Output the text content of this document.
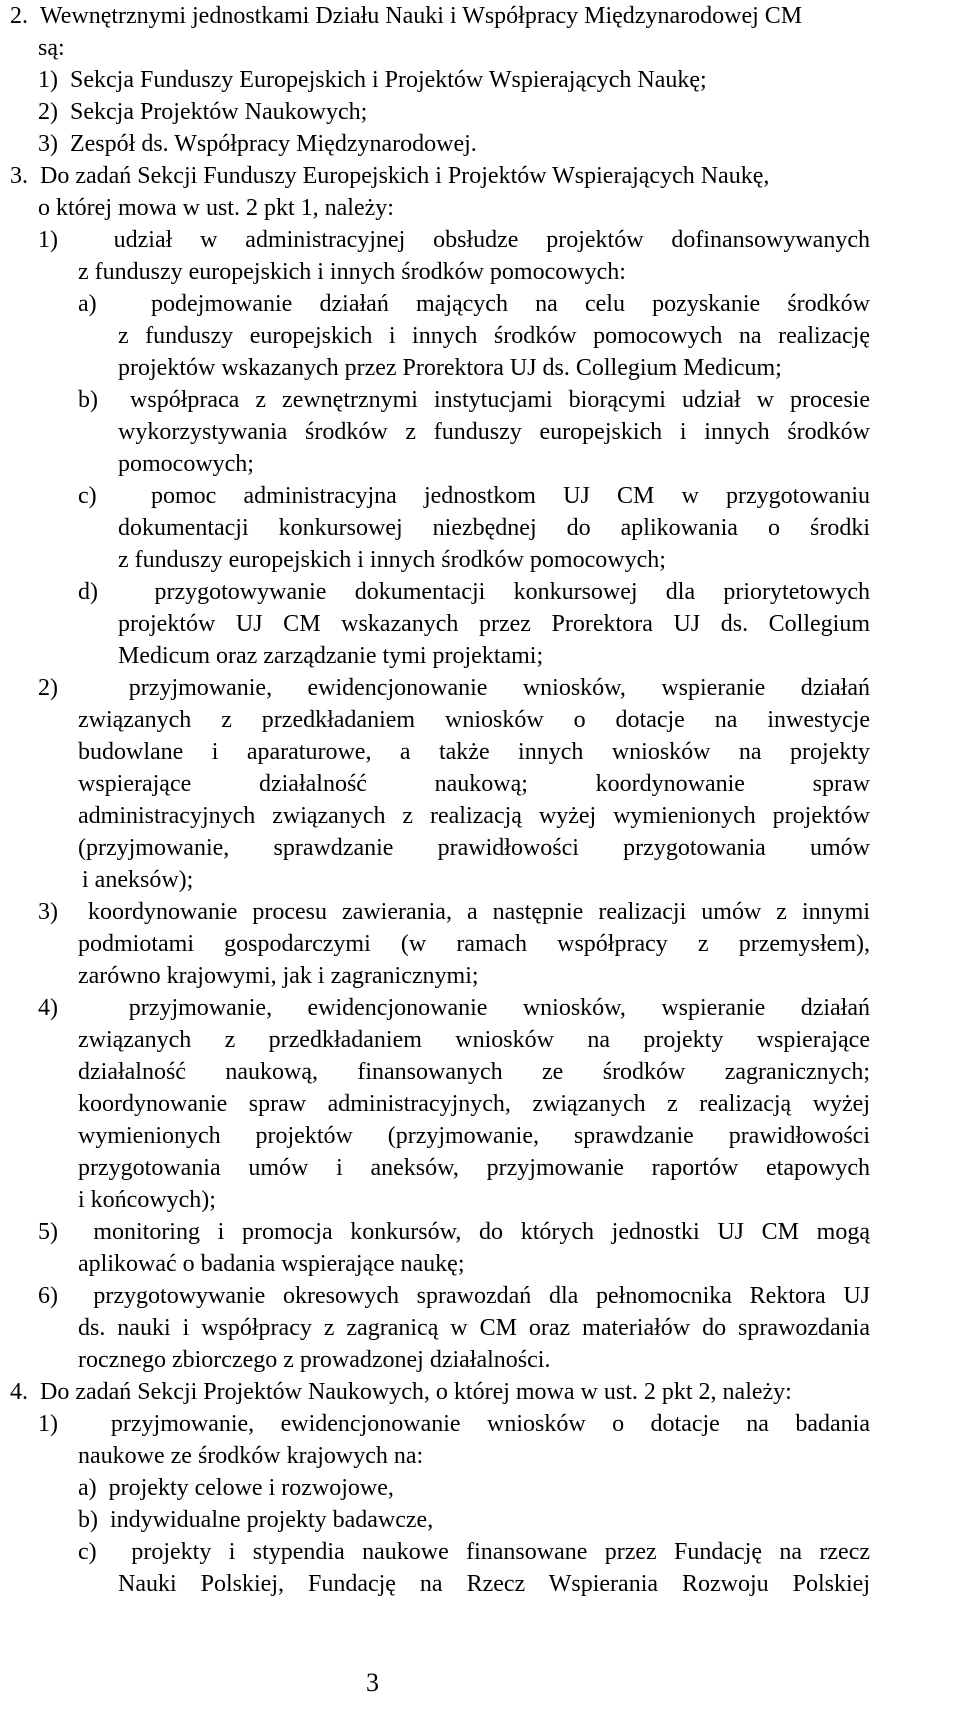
2.  Wewnętrznymi jednostkami Działu Nauki i Współpracy Międzynarodowej CM
są:
1)  Sekcja Funduszy Europejskich i Projektów Wspierających Naukę;
2)  Sekcja Projektów Naukowych;
3)  Zespół ds. Współpracy Międzynarodowej.
3.  Do zadań Sekcji Funduszy Europejskich i Projektów Wspierających Naukę,
o której mowa w ust. 2 pkt 1, należy:
1)  udział w administracyjnej obsłudze projektów dofinansowywanych
z funduszy europejskich i innych środków pomocowych:
a)  podejmowanie działań mających na celu pozyskanie środków
z funduszy europejskich i innych środków pomocowych na realizację
projektów wskazanych przez Prorektora UJ ds. Collegium Medicum;
b)  współpraca z zewnętrznymi instytucjami biorącymi udział w procesie
wykorzystywania środków z funduszy europejskich i innych środków
pomocowych;
c)  pomoc administracyjna jednostkom UJ CM w przygotowaniu
dokumentacji konkursowej niezbędnej do aplikowania o środki
z funduszy europejskich i innych środków pomocowych;
d)  przygotowywanie dokumentacji konkursowej dla priorytetowych
projektów UJ CM wskazanych przez Prorektora UJ ds. Collegium
Medicum oraz zarządzanie tymi projektami;
2)  przyjmowanie, ewidencjonowanie wniosków, wspieranie działań
związanych z przedkładaniem wniosków o dotacje na inwestycje
budowlane i aparaturowe, a także innych wniosków na projekty
wspierające działalność naukową; koordynowanie spraw
administracyjnych związanych z realizacją wyżej wymienionych projektów
(przyjmowanie, sprawdzanie prawidłowości przygotowania umów
i aneksów);
3)  koordynowanie procesu zawierania, a następnie realizacji umów z innymi
podmiotami gospodarczymi (w ramach współpracy z przemysłem),
zarówno krajowymi, jak i zagranicznymi;
4)  przyjmowanie, ewidencjonowanie wniosków, wspieranie działań
związanych z przedkładaniem wniosków na projekty wspierające
działalność naukową, finansowanych ze środków zagranicznych;
koordynowanie spraw administracyjnych, związanych z realizacją wyżej
wymienionych projektów (przyjmowanie, sprawdzanie prawidłowości
przygotowania umów i aneksów, przyjmowanie raportów etapowych
i końcowych);
5)  monitoring i promocja konkursów, do których jednostki UJ CM mogą
aplikować o badania wspierające naukę;
6)  przygotowywanie okresowych sprawozdań dla pełnomocnika Rektora UJ
ds. nauki i współpracy z zagranicą w CM oraz materiałów do sprawozdania
rocznego zbiorczego z prowadzonej działalności.
4.  Do zadań Sekcji Projektów Naukowych, o której mowa w ust. 2 pkt 2, należy:
1)  przyjmowanie, ewidencjonowanie wniosków o dotacje na badania
naukowe ze środków krajowych na:
a)  projekty celowe i rozwojowe,
b)  indywidualne projekty badawcze,
c)  projekty i stypendia naukowe finansowane przez Fundację na rzecz
Nauki Polskiej, Fundację na Rzecz Wspierania Rozwoju Polskiej
3
